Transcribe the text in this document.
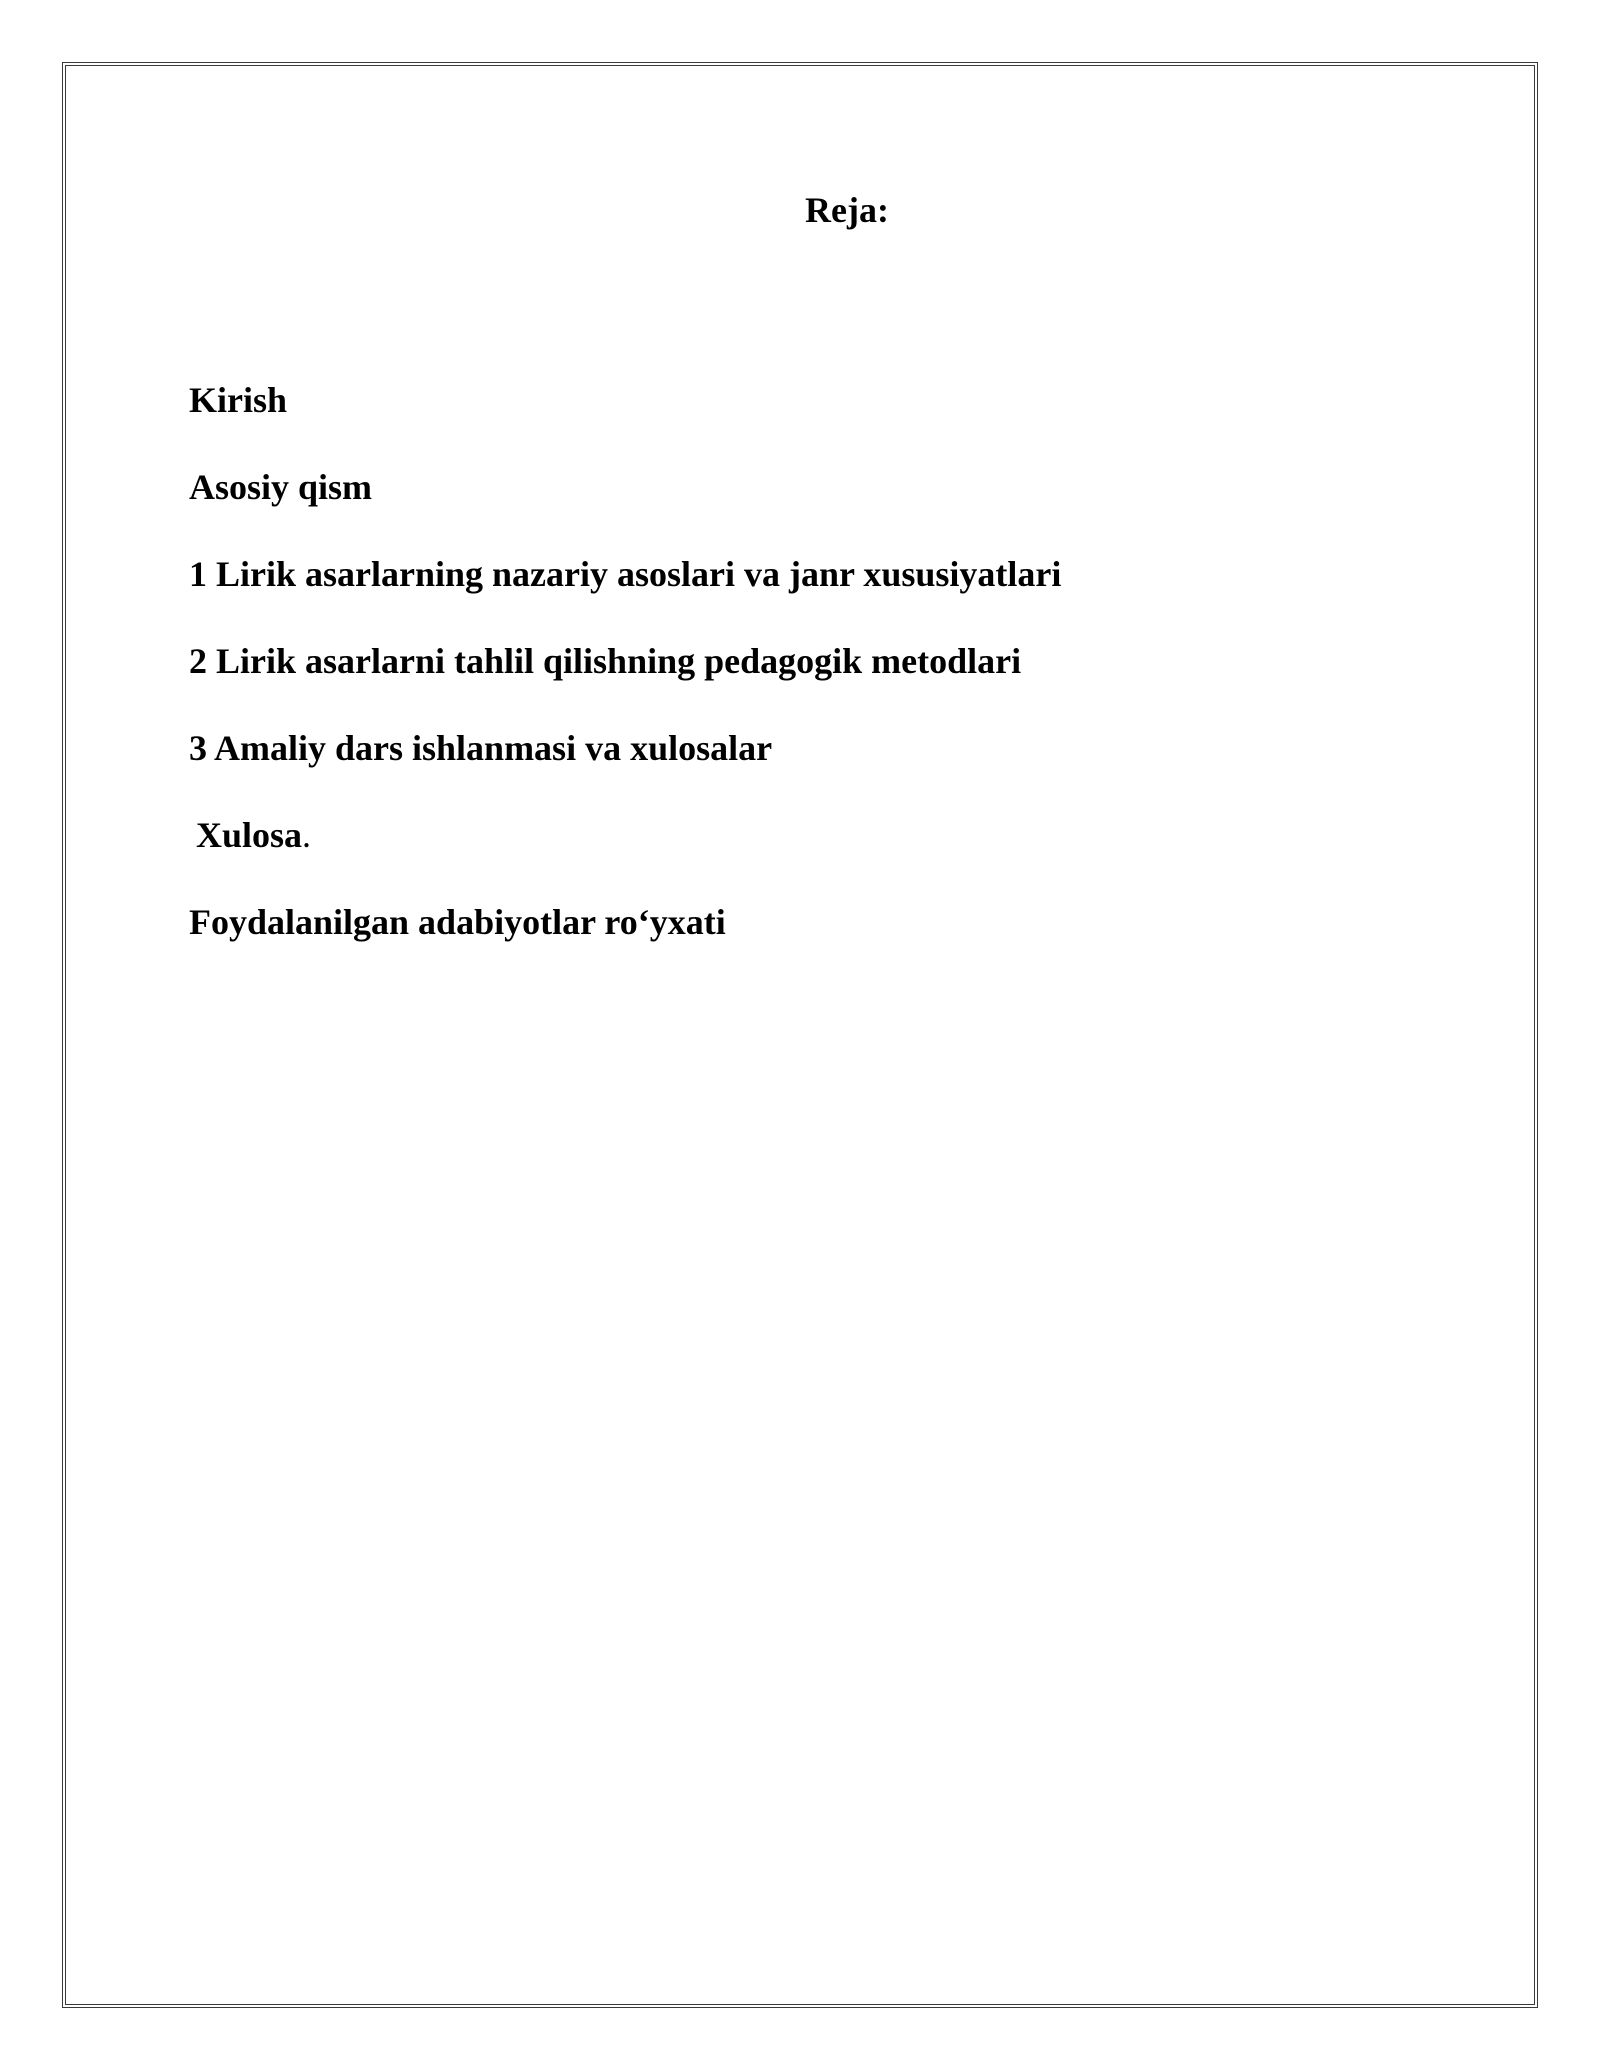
Reja:
Kirish
Asosiy qism
1 Lirik asarlarning nazariy asoslari va janr xususiyatlari
2 Lirik asarlarni tahlil qilishning pedagogik metodlari
3 Amaliy dars ishlanmasi va xulosalar
Xulosa.
Foydalanilgan adabiyotlar ro‘yxati
